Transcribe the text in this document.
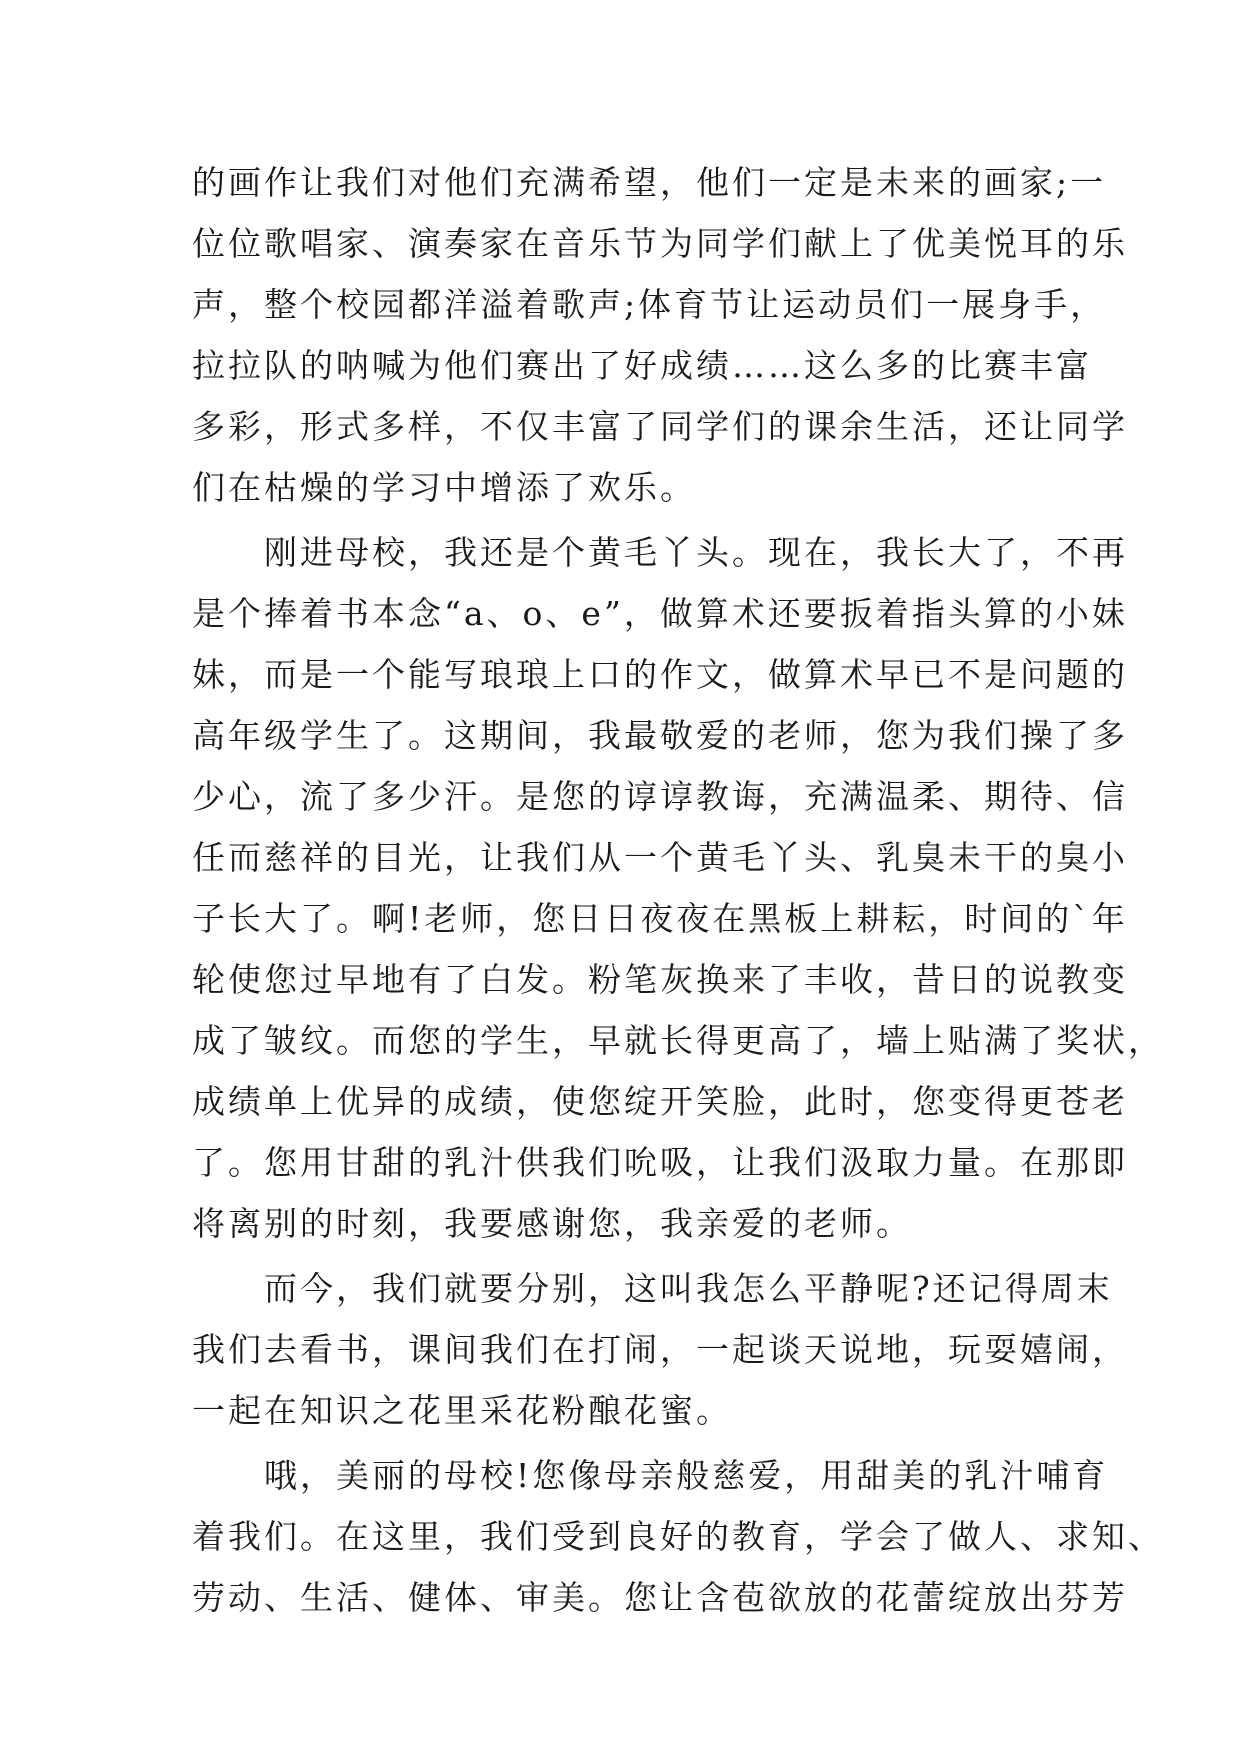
的画作让我们对他们充满希望，他们一定是未来的画家;一
位位歌唱家、演奏家在音乐节为同学们献上了优美悦耳的乐
声，整个校园都洋溢着歌声;体育节让运动员们一展身手，
拉拉队的呐喊为他们赛出了好成绩……这么多的比赛丰富
多彩，形式多样，不仅丰富了同学们的课余生活，还让同学
们在枯燥的学习中增添了欢乐。
　　刚进母校，我还是个黄毛丫头。现在，我长大了，不再
是个捧着书本念“a、o、e”，做算术还要扳着指头算的小妹
妹，而是一个能写琅琅上口的作文，做算术早已不是问题的
高年级学生了。这期间，我最敬爱的老师，您为我们操了多
少心，流了多少汗。是您的谆谆教诲，充满温柔、期待、信
任而慈祥的目光，让我们从一个黄毛丫头、乳臭未干的臭小
子长大了。啊!老师，您日日夜夜在黑板上耕耘，时间的`年
轮使您过早地有了白发。粉笔灰换来了丰收，昔日的说教变
成了皱纹。而您的学生，早就长得更高了，墙上贴满了奖状，
成绩单上优异的成绩，使您绽开笑脸，此时，您变得更苍老
了。您用甘甜的乳汁供我们吮吸，让我们汲取力量。在那即
将离别的时刻，我要感谢您，我亲爱的老师。
　　而今，我们就要分别，这叫我怎么平静呢?还记得周末
我们去看书，课间我们在打闹，一起谈天说地，玩耍嬉闹，
一起在知识之花里采花粉酿花蜜。
　　哦，美丽的母校!您像母亲般慈爱，用甜美的乳汁哺育
着我们。在这里，我们受到良好的教育，学会了做人、求知、
劳动、生活、健体、审美。您让含苞欲放的花蕾绽放出芬芳
